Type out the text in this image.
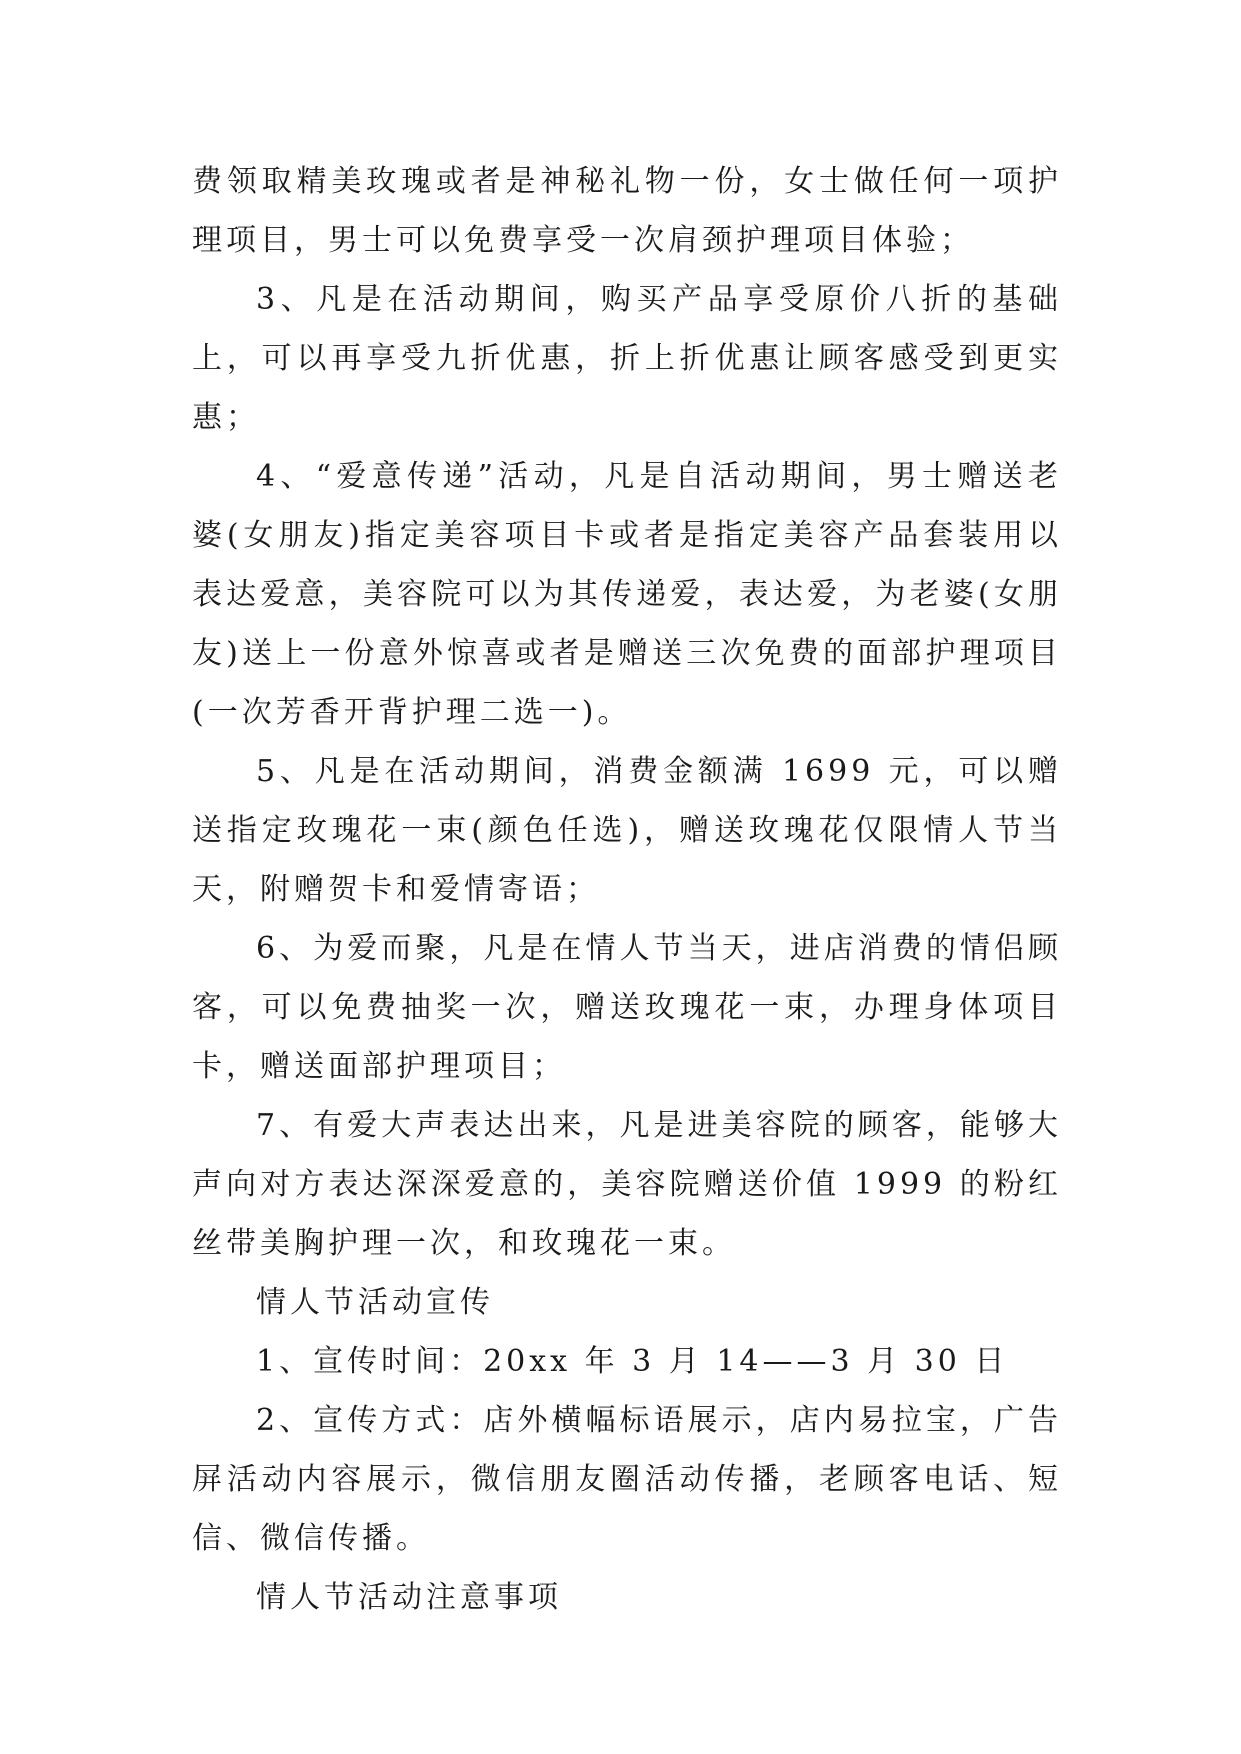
费领取精美玫瑰或者是神秘礼物一份，女士做任何一项护理项目，男士可以免费享受一次肩颈护理项目体验；

3、凡是在活动期间，购买产品享受原价八折的基础上，可以再享受九折优惠，折上折优惠让顾客感受到更实惠；

4、“爱意传递”活动，凡是自活动期间，男士赠送老婆(女朋友)指定美容项目卡或者是指定美容产品套装用以表达爱意，美容院可以为其传递爱，表达爱，为老婆(女朋友)送上一份意外惊喜或者是赠送三次免费的面部护理项目(一次芳香开背护理二选一)。

5、凡是在活动期间，消费金额满 1699 元，可以赠送指定玫瑰花一束(颜色任选)，赠送玫瑰花仅限情人节当天，附赠贺卡和爱情寄语；

6、为爱而聚，凡是在情人节当天，进店消费的情侣顾客，可以免费抽奖一次，赠送玫瑰花一束，办理身体项目卡，赠送面部护理项目；

7、有爱大声表达出来，凡是进美容院的顾客，能够大声向对方表达深深爱意的，美容院赠送价值 1999 的粉红丝带美胸护理一次，和玫瑰花一束。

情人节活动宣传

1、宣传时间：20xx 年 3 月 14——3 月 30 日

2、宣传方式：店外横幅标语展示，店内易拉宝，广告屏活动内容展示，微信朋友圈活动传播，老顾客电话、短信、微信传播。

情人节活动注意事项
